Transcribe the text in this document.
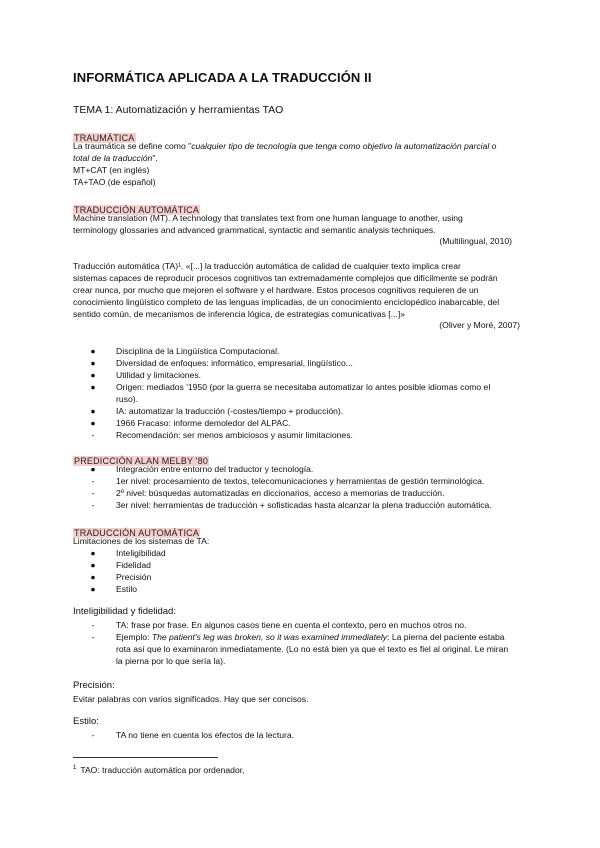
INFORMÁTICA APLICADA A LA TRADUCCIÓN II
TEMA 1: Automatización y herramientas TAO
TRAUMÁTICA
La traumática se define como "cualquier tipo de tecnología que tenga como objetivo la automatización parcial o
total de la traducción".
MT+CAT (en inglés)
TA+TAO (de español)
TRADUCCIÓN AUTOMÁTICA
Machine translation (MT). A technology that translates text from one human language to another, using
terminology glossaries and advanced grammatical, syntactic and semantic analysis techniques.
(Multilingual, 2010)
Traducción automática (TA)¹. «[...] la traducción automática de calidad de cualquier texto implica crear
sistemas capaces de reproducir procesos cognitivos tan extremadamente complejos que difícilmente se podrán
crear nunca, por mucho que mejoren el software y el hardware. Estos procesos cognitivos requieren de un
conocimiento lingüístico completo de las lenguas implicadas, de un conocimiento enciclopédico inabarcable, del
sentido común, de mecanismos de inferencia lógica, de estrategias comunicativas [...]»
(Oliver y Moré, 2007)
● Disciplina de la Lingüística Computacional.
● Diversidad de enfoques: informático, empresarial, lingüístico...
● Utilidad y limitaciones.
● Origen: mediados '1950 (por la guerra se necesitaba automatizar lo antes posible idiomas como el
ruso).
● IA: automatizar la traducción (-costes/tiempo + producción).
● 1966 Fracaso: informe demoledor del ALPAC.
-	Recomendación: ser menos ambiciosos y asumir limitaciones.
PREDICCIÓN ALAN MELBY '80
● Integración entre entorno del traductor y tecnología.
-	1er nivel: procesamiento de textos, telecomunicaciones y herramientas de gestión terminológica.
-	2º nivel: búsquedas automatizadas en diccionarios, acceso a memorias de traducción.
-	3er nivel: herramientas de traducción + sofisticadas hasta alcanzar la plena traducción automática.
TRADUCCIÓN AUTOMÁTICA
Limitaciones de los sistemas de TA:
● Inteligibilidad
● Fidelidad
● Precisión
● Estilo
Inteligibilidad y fidelidad:
-	TA: frase por frase. En algunos casos tiene en cuenta el contexto, pero en muchos otros no.
-	Ejemplo: The patient's leg was broken, so it was examined immediately: La pierna del paciente estaba
rota así que lo examinaron inmediatamente. (Lo no está bien ya que el texto es fiel al original. Le miran
la pierna por lo que sería la).
Precisión:
Evitar palabras con varios significados. Hay que ser concisos.
Estilo:
-	TA no tiene en cuenta los efectos de la lectura.
$^1$ TAO: traducción automática por ordenador,
